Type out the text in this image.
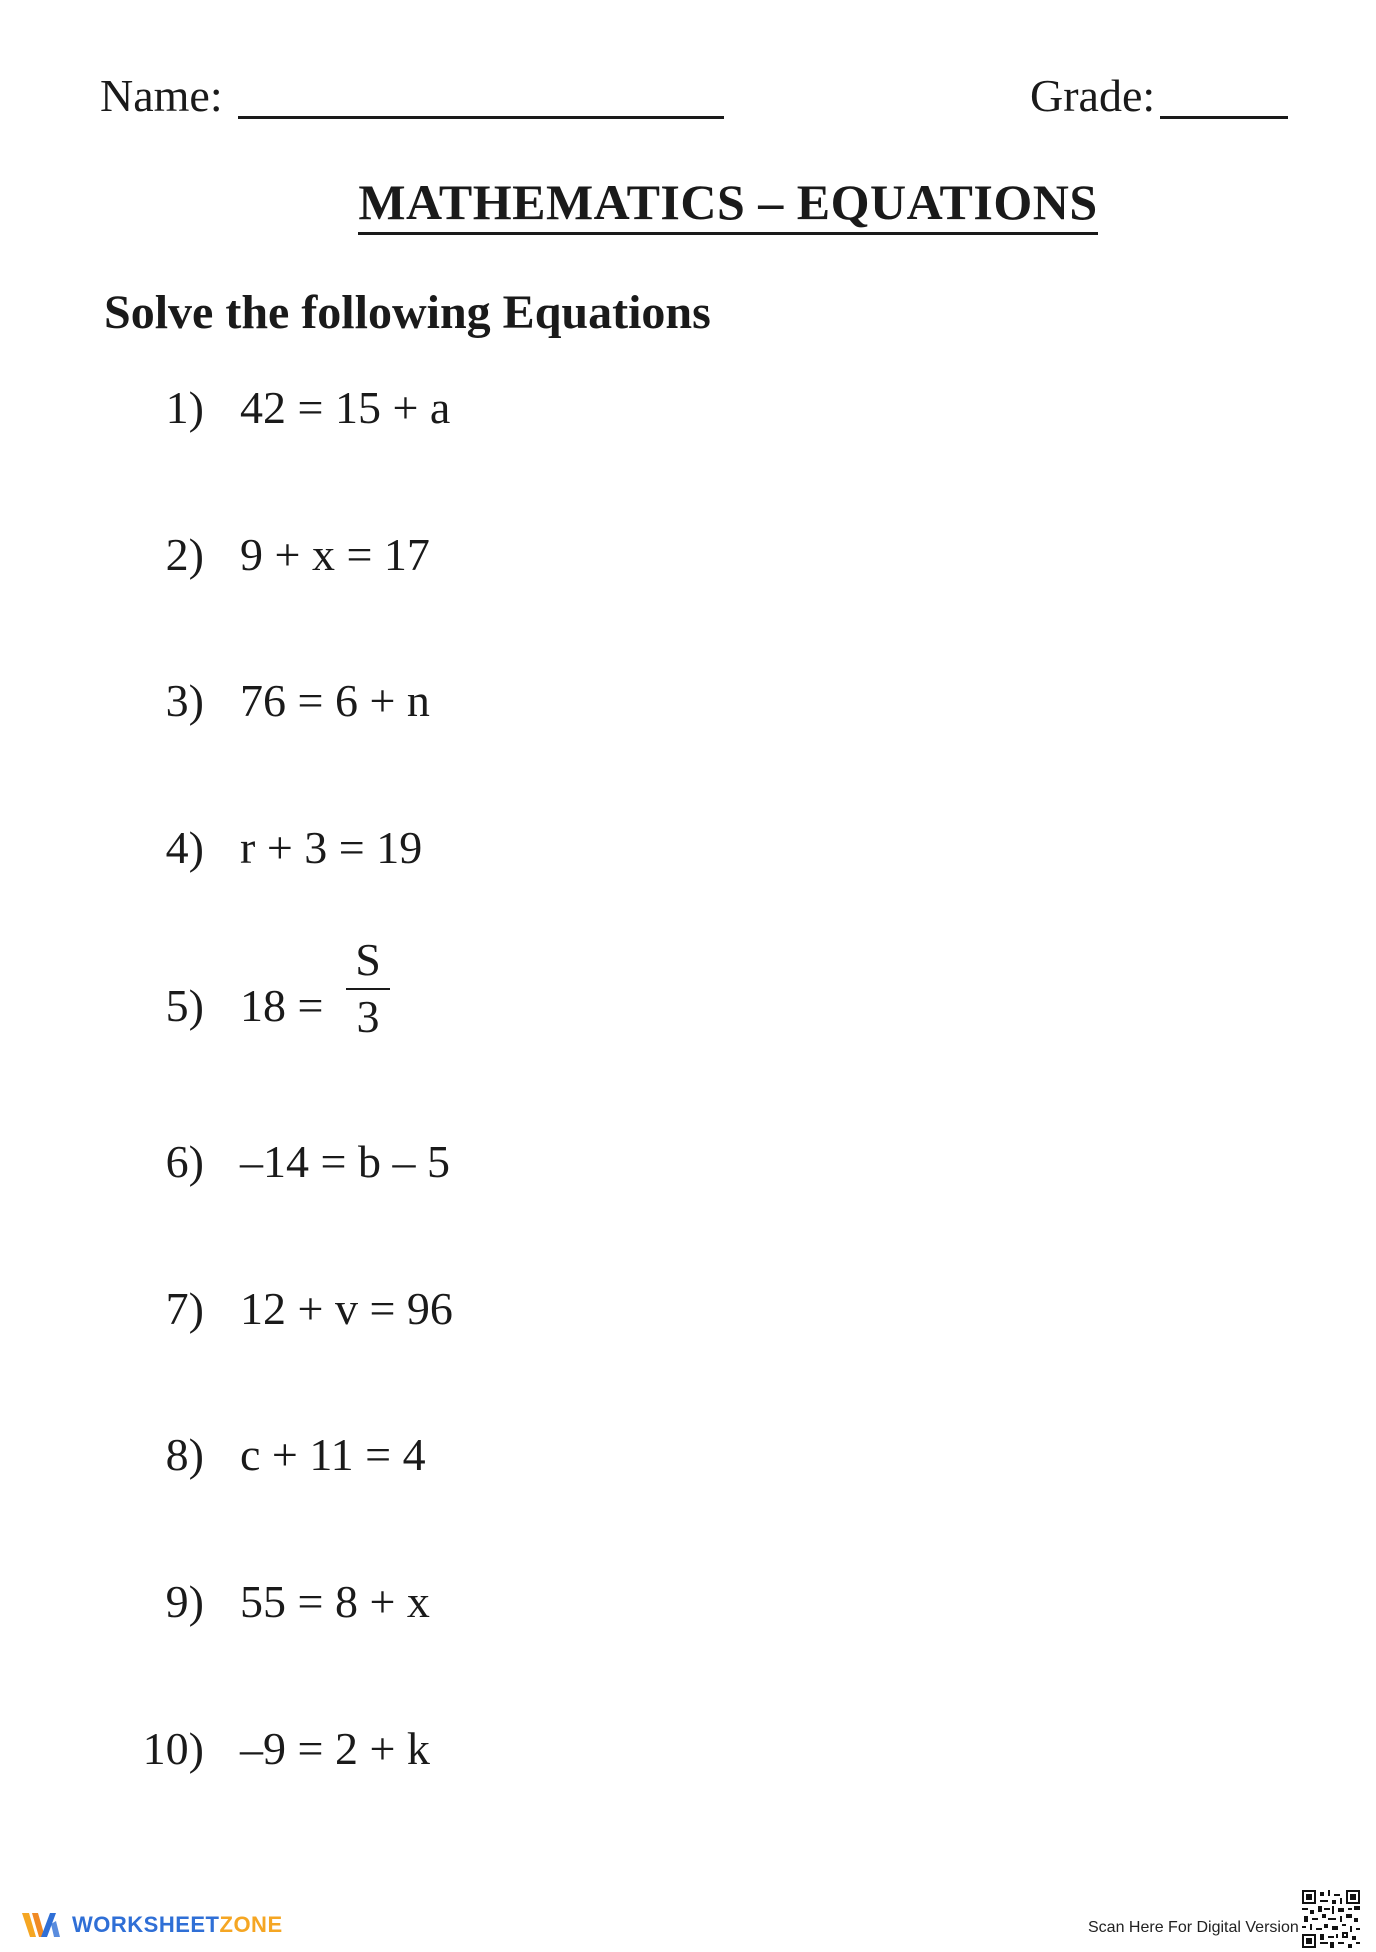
Name:	Grade:
MATHEMATICS – EQUATIONS
Solve the following Equations
1) 42 = 15 + a
2) 9 + x = 17
3) 76 = 6 + n
4) r + 3 = 19
5) $18 = \frac{S}{3}$
6) –14 = b – 5
7) 12 + v = 96
8) c + 11 = 4
9) 55 = 8 + x
10) –9 = 2 + k
WORKSHEETZONE	Scan Here For Digital Version
